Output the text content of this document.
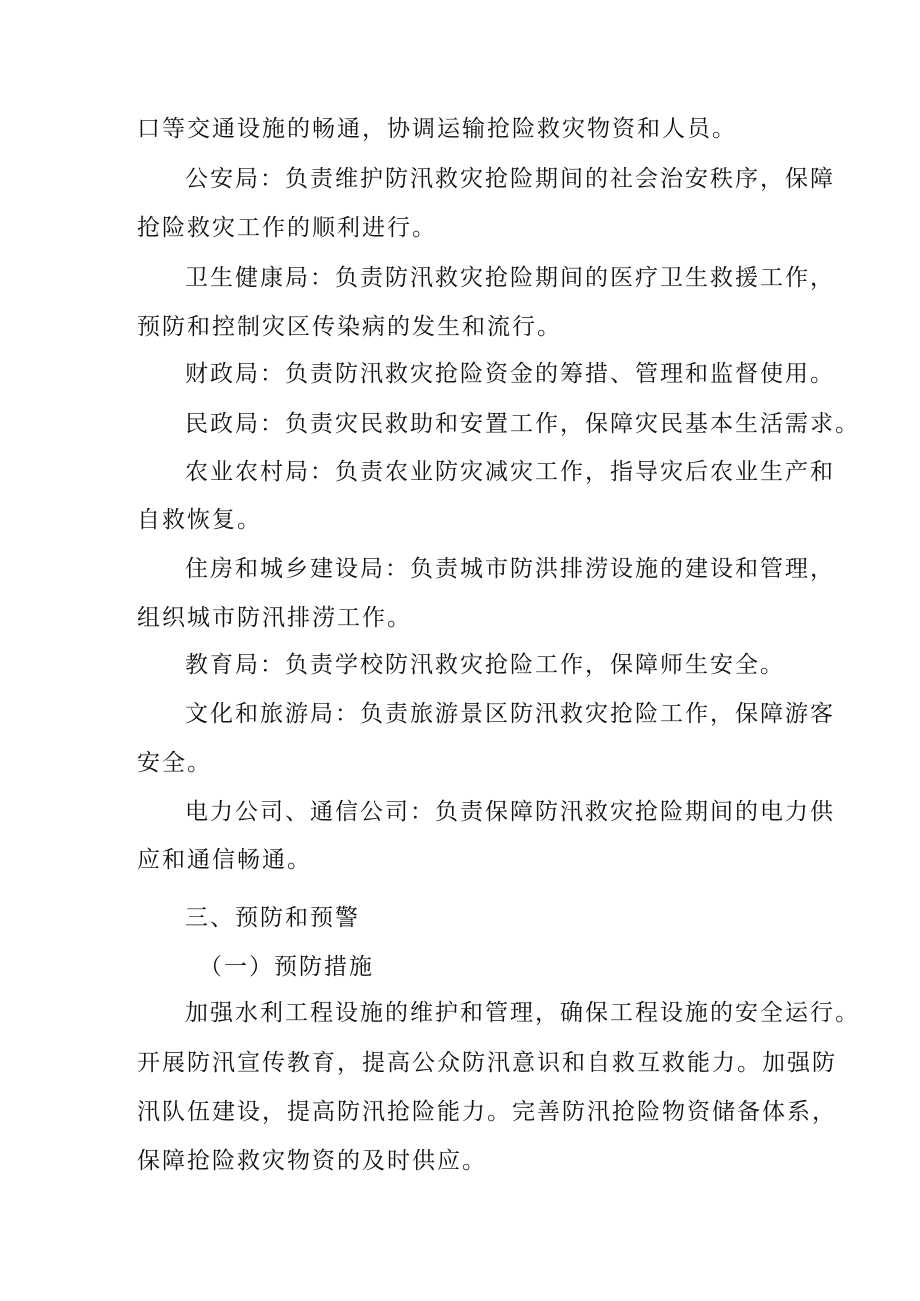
口等交通设施的畅通，协调运输抢险救灾物资和人员。
公安局：负责维护防汛救灾抢险期间的社会治安秩序，保障
抢险救灾工作的顺利进行。
卫生健康局：负责防汛救灾抢险期间的医疗卫生救援工作，
预防和控制灾区传染病的发生和流行。
财政局：负责防汛救灾抢险资金的筹措、管理和监督使用。
民政局：负责灾民救助和安置工作，保障灾民基本生活需求。
农业农村局：负责农业防灾减灾工作，指导灾后农业生产和
自救恢复。
住房和城乡建设局：负责城市防洪排涝设施的建设和管理，
组织城市防汛排涝工作。
教育局：负责学校防汛救灾抢险工作，保障师生安全。
文化和旅游局：负责旅游景区防汛救灾抢险工作，保障游客
安全。
电力公司、通信公司：负责保障防汛救灾抢险期间的电力供
应和通信畅通。
三、预防和预警
（一）预防措施
加强水利工程设施的维护和管理，确保工程设施的安全运行。
开展防汛宣传教育，提高公众防汛意识和自救互救能力。加强防
汛队伍建设，提高防汛抢险能力。完善防汛抢险物资储备体系，
保障抢险救灾物资的及时供应。
